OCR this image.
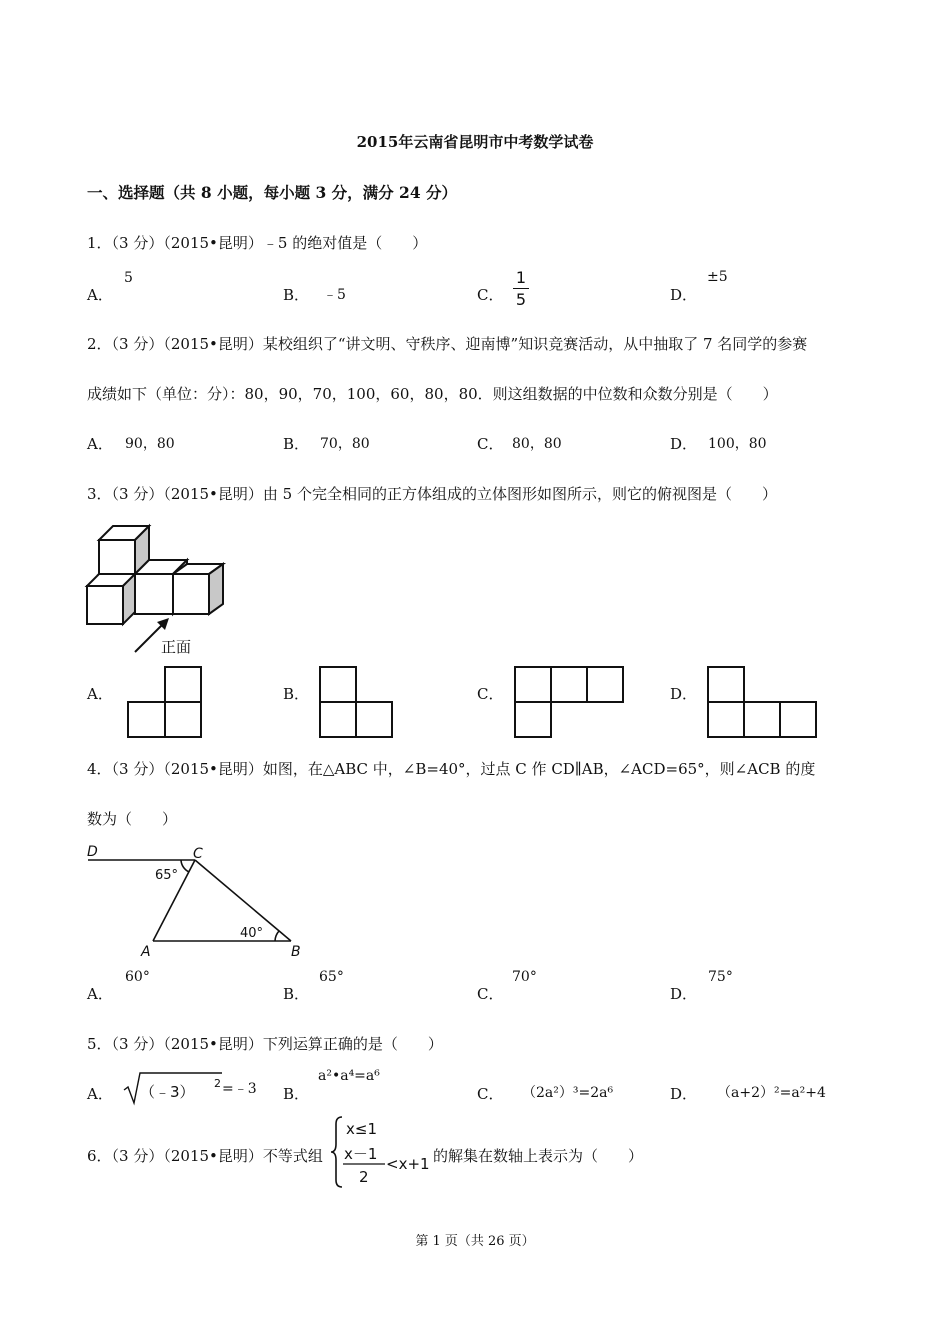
2015年云南省昆明市中考数学试卷
一、选择题（共 8 小题，每小题 3 分，满分 24 分）
1．（3 分）（2015•昆明）﹣5 的绝对值是（　　）
A．
5
B． ﹣5	C．
1
5	D．
±5
2．（3 分）（2015•昆明）某校组织了“讲文明、守秩序、迎南博”知识竞赛活动，从中抽取了 7 名同学的参赛
成绩如下（单位：分）：80，90，70，100，60，80，80．则这组数据的中位数和众数分别是（　　）
A． 90，80	B． 70，80	C． 80，80	D． 100，80
3．（3 分）（2015•昆明）由 5 个完全相同的正方体组成的立体图形如图所示，则它的俯视图是（　　）
正面
A．	B．	C．	D．
4．（3 分）（2015•昆明）如图，在△ABC 中，∠B=40°，过点 C 作 CD∥AB，∠ACD=65°，则∠ACB 的度
数为（　　）
D	C
A	B
65°
40°
A．
60°
B．
65°
C．
70°
D．
75°
5．（3 分）（2015•昆明）下列运算正确的是（　　）
A． （﹣3） 2 =﹣3 B．
a²•a⁴=a⁶
C． （2a²）³=2a⁶	D． （a+2）²=a²+4
6．（3 分）（2015•昆明）不等式组
x≤1
x－1
2
<x+1 的解集在数轴上表示为（　　）
第 1 页（共 26 页）
